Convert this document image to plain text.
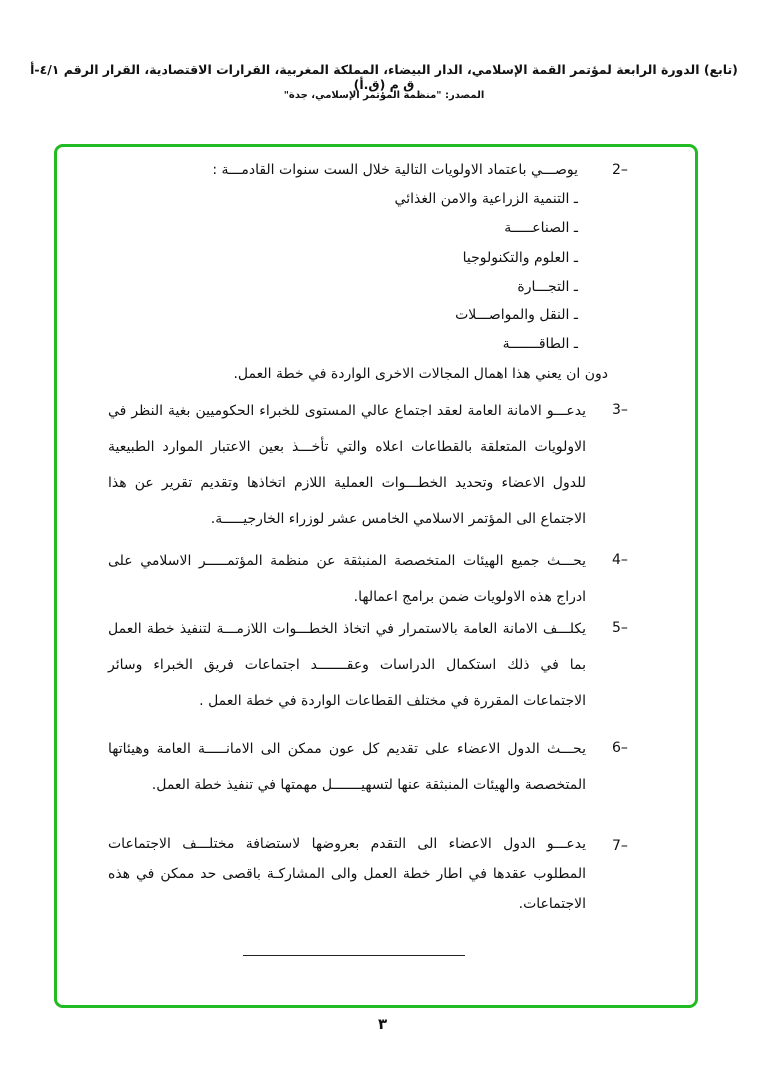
(تابع) الدورة الرابعة لمؤتمر القمة الإسلامي، الدار البيضاء، المملكة المغربية، القرارات الاقتصادية، القرار الرقم ٤/١-أ ق م (ق.أ)
المصدر: "منظمة المؤتمر الإسلامي، جدة"
2–
يوصـــي باعتماد الاولويات التالية خلال الست سنوات القادمـــة :
ـ التنمية الزراعية والامن الغذائي
ـ الصناعـــــة
ـ العلوم والتكنولوجيا
ـ التجـــارة
ـ النقل والمواصـــلات
ـ الطاقـــــــة
دون ان يعني هذا اهمال المجالات الاخرى الواردة في خطة العمل.
3–
يدعـــو الامانة العامة لعقد اجتماع عالي المستوى للخبراء الحكوميين بغية النظر في الاولويات المتعلقة بالقطاعات اعلاه والتي تأخـــذ بعين الاعتبار الموارد الطبيعية للدول الاعضاء وتحديد الخطـــوات العملية اللازم اتخاذها وتقديم تقرير عن هذا الاجتماع الى المؤتمر الاسلامي الخامس عشر لوزراء الخارجيـــــة.
4–
يحـــث جميع الهيئات المتخصصة المنبثقة عن منظمة المؤتمـــــر الاسلامي على ادراج هذه الاولويات ضمن برامج اعمالها.
5–
يكلـــف الامانة العامة بالاستمرار في اتخاذ الخطـــوات اللازمـــة لتنفيذ خطة العمل بما في ذلك استكمال الدراسات وعقـــــــد اجتماعات فريق الخبراء وسائر الاجتماعات المقررة في مختلف القطاعات الواردة في خطة العمل .
6–
يحـــث الدول الاعضاء على تقديم كل عون ممكن الى الامانـــــة العامة وهيئاتها المتخصصة والهيئات المنبثقة عنها لتسهيـــــــل مهمتها في تنفيذ خطة العمل.
7–
يدعـــو الدول الاعضاء الى التقدم بعروضها لاستضافة مختلـــف الاجتماعات المطلوب عقدها في اطار خطة العمل والى المشاركـة باقصى حد ممكن في هذه الاجتماعات.
٣
